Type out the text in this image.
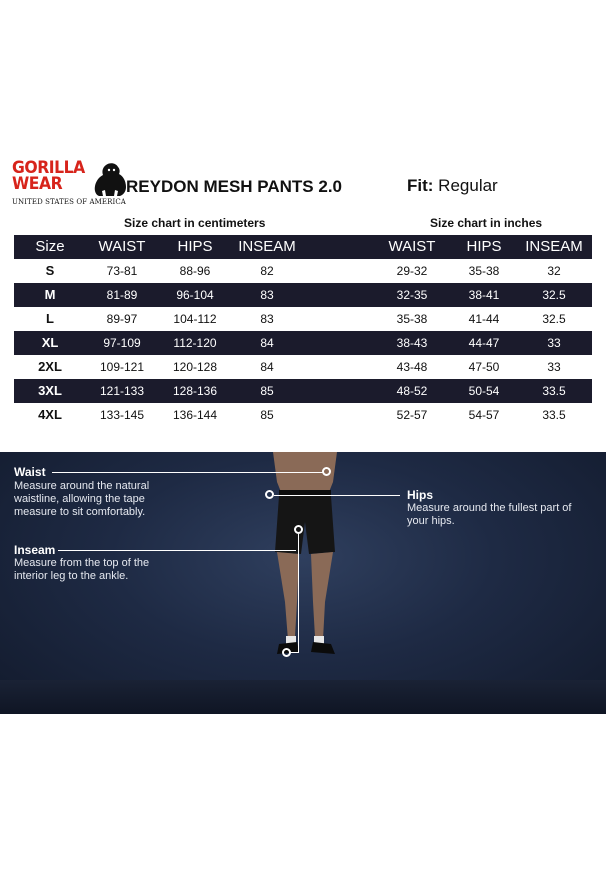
GORILLA
WEAR
UNITED STATES OF AMERICA
REYDON MESH PANTS 2.0	Fit: Regular
Size chart in centimeters	Size chart in inches
Size	WAIST	HIPS	INSEAM	WAIST	HIPS	INSEAM
S	73-81	88-96	82	29-32	35-38	32
M	81-89	96-104	83	32-35	38-41	32.5
L	89-97	104-112	83	35-38	41-44	32.5
XL	97-109	112-120	84	38-43	44-47	33
2XL	109-121	120-128	84	43-48	47-50	33
3XL	121-133	128-136	85	48-52	50-54	33.5
4XL	133-145	136-144	85	52-57	54-57	33.5
Waist
Measure around the natural
waistline, allowing the tape
measure to sit comfortably.
Hips
Measure around the fullest part of
your hips.
Inseam
Measure from the top of the
interior leg to the ankle.
